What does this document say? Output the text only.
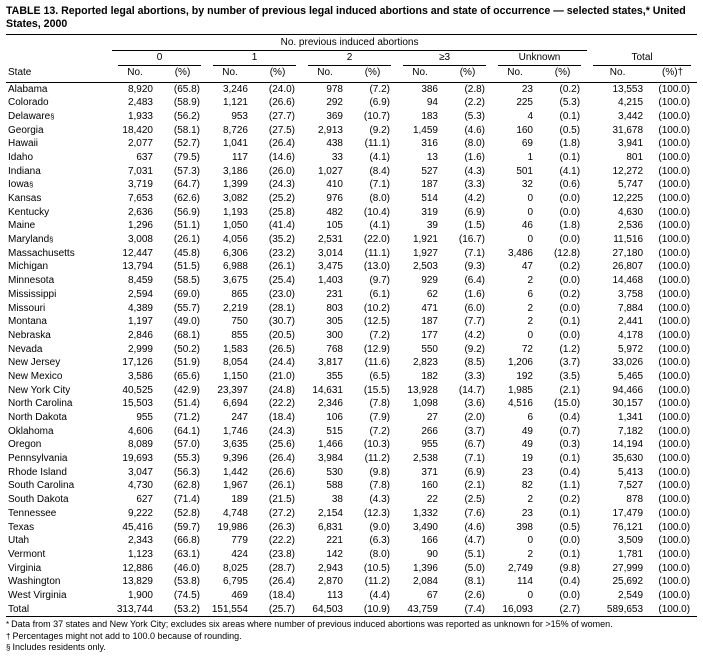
TABLE 13. Reported legal abortions, by number of previous legal induced abortions and state of occurrence — selected states,* United States, 2000
	No. previous induced abortions											

	0		1		2		≥3		Unknown		Total	

State	No.	(%)	No.	(%)	No.	(%)	No.	(%)	No.	(%)	No.	(%)†
Alabama	8,920	(65.8)	3,246	(24.0)	978	(7.2)	386	(2.8)	23	(0.2)	13,553	(100.0)
Colorado	2,483	(58.9)	1,121	(26.6)	292	(6.9)	94	(2.2)	225	(5.3)	4,215	(100.0)
Delaware§	1,933	(56.2)	953	(27.7)	369	(10.7)	183	(5.3)	4	(0.1)	3,442	(100.0)
Georgia	18,420	(58.1)	8,726	(27.5)	2,913	(9.2)	1,459	(4.6)	160	(0.5)	31,678	(100.0)
Hawaii	2,077	(52.7)	1,041	(26.4)	438	(11.1)	316	(8.0)	69	(1.8)	3,941	(100.0)
Idaho	637	(79.5)	117	(14.6)	33	(4.1)	13	(1.6)	1	(0.1)	801	(100.0)
Indiana	7,031	(57.3)	3,186	(26.0)	1,027	(8.4)	527	(4.3)	501	(4.1)	12,272	(100.0)
Iowa§	3,719	(64.7)	1,399	(24.3)	410	(7.1)	187	(3.3)	32	(0.6)	5,747	(100.0)
Kansas	7,653	(62.6)	3,082	(25.2)	976	(8.0)	514	(4.2)	0	(0.0)	12,225	(100.0)
Kentucky	2,636	(56.9)	1,193	(25.8)	482	(10.4)	319	(6.9)	0	(0.0)	4,630	(100.0)
Maine	1,296	(51.1)	1,050	(41.4)	105	(4.1)	39	(1.5)	46	(1.8)	2,536	(100.0)
Maryland§	3,008	(26.1)	4,056	(35.2)	2,531	(22.0)	1,921	(16.7)	0	(0.0)	11,516	(100.0)
Massachusetts	12,447	(45.8)	6,306	(23.2)	3,014	(11.1)	1,927	(7.1)	3,486	(12.8)	27,180	(100.0)
Michigan	13,794	(51.5)	6,988	(26.1)	3,475	(13.0)	2,503	(9.3)	47	(0.2)	26,807	(100.0)
Minnesota	8,459	(58.5)	3,675	(25.4)	1,403	(9.7)	929	(6.4)	2	(0.0)	14,468	(100.0)
Mississippi	2,594	(69.0)	865	(23.0)	231	(6.1)	62	(1.6)	6	(0.2)	3,758	(100.0)
Missouri	4,389	(55.7)	2,219	(28.1)	803	(10.2)	471	(6.0)	2	(0.0)	7,884	(100.0)
Montana	1,197	(49.0)	750	(30.7)	305	(12.5)	187	(7.7)	2	(0.1)	2,441	(100.0)
Nebraska	2,846	(68.1)	855	(20.5)	300	(7.2)	177	(4.2)	0	(0.0)	4,178	(100.0)
Nevada	2,999	(50.2)	1,583	(26.5)	768	(12.9)	550	(9.2)	72	(1.2)	5,972	(100.0)
New Jersey	17,126	(51.9)	8,054	(24.4)	3,817	(11.6)	2,823	(8.5)	1,206	(3.7)	33,026	(100.0)
New Mexico	3,586	(65.6)	1,150	(21.0)	355	(6.5)	182	(3.3)	192	(3.5)	5,465	(100.0)
New York City	40,525	(42.9)	23,397	(24.8)	14,631	(15.5)	13,928	(14.7)	1,985	(2.1)	94,466	(100.0)
North Carolina	15,503	(51.4)	6,694	(22.2)	2,346	(7.8)	1,098	(3.6)	4,516	(15.0)	30,157	(100.0)
North Dakota	955	(71.2)	247	(18.4)	106	(7.9)	27	(2.0)	6	(0.4)	1,341	(100.0)
Oklahoma	4,606	(64.1)	1,746	(24.3)	515	(7.2)	266	(3.7)	49	(0.7)	7,182	(100.0)
Oregon	8,089	(57.0)	3,635	(25.6)	1,466	(10.3)	955	(6.7)	49	(0.3)	14,194	(100.0)
Pennsylvania	19,693	(55.3)	9,396	(26.4)	3,984	(11.2)	2,538	(7.1)	19	(0.1)	35,630	(100.0)
Rhode Island	3,047	(56.3)	1,442	(26.6)	530	(9.8)	371	(6.9)	23	(0.4)	5,413	(100.0)
South Carolina	4,730	(62.8)	1,967	(26.1)	588	(7.8)	160	(2.1)	82	(1.1)	7,527	(100.0)
South Dakota	627	(71.4)	189	(21.5)	38	(4.3)	22	(2.5)	2	(0.2)	878	(100.0)
Tennessee	9,222	(52.8)	4,748	(27.2)	2,154	(12.3)	1,332	(7.6)	23	(0.1)	17,479	(100.0)
Texas	45,416	(59.7)	19,986	(26.3)	6,831	(9.0)	3,490	(4.6)	398	(0.5)	76,121	(100.0)
Utah	2,343	(66.8)	779	(22.2)	221	(6.3)	166	(4.7)	0	(0.0)	3,509	(100.0)
Vermont	1,123	(63.1)	424	(23.8)	142	(8.0)	90	(5.1)	2	(0.1)	1,781	(100.0)
Virginia	12,886	(46.0)	8,025	(28.7)	2,943	(10.5)	1,396	(5.0)	2,749	(9.8)	27,999	(100.0)
Washington	13,829	(53.8)	6,795	(26.4)	2,870	(11.2)	2,084	(8.1)	114	(0.4)	25,692	(100.0)
West Virginia	1,900	(74.5)	469	(18.4)	113	(4.4)	67	(2.6)	0	(0.0)	2,549	(100.0)
Total	313,744	(53.2)	151,554	(25.7)	64,503	(10.9)	43,759	(7.4)	16,093	(2.7)	589,653	(100.0)
* Data from 37 states and New York City; excludes six areas where number of previous induced abortions was reported as unknown for >15% of women.
† Percentages might not add to 100.0 because of rounding.
§ Includes residents only.
